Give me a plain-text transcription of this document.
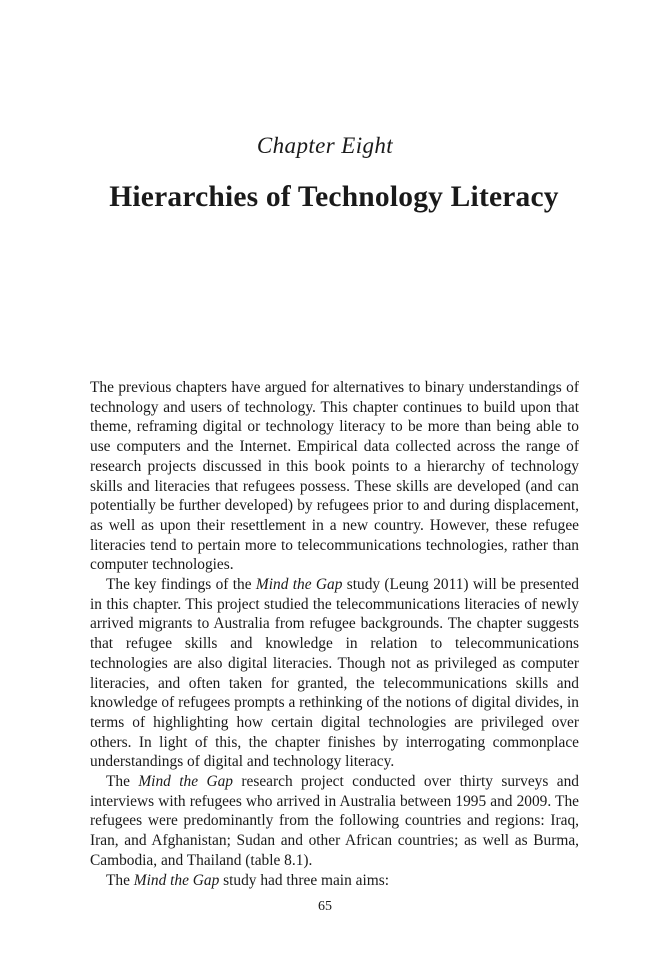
Chapter Eight
Hierarchies of Technology Literacy

The previous chapters have argued for alternatives to binary understandings of technology and users of technology. This chapter continues to build upon that theme, reframing digital or technology literacy to be more than being able to use computers and the Internet. Empirical data collected across the range of research projects discussed in this book points to a hierarchy of technology skills and literacies that refugees possess. These skills are developed (and can potentially be further developed) by refugees prior to and during displacement, as well as upon their resettlement in a new country. However, these refugee literacies tend to pertain more to telecommunications technologies, rather than computer technologies.

The key findings of the Mind the Gap study (Leung 2011) will be presented in this chapter. This project studied the telecommunications literacies of newly arrived migrants to Australia from refugee backgrounds. The chapter suggests that refugee skills and knowledge in relation to telecommunications technologies are also digital literacies. Though not as privileged as computer literacies, and often taken for granted, the telecommunications skills and knowledge of refugees prompts a rethinking of the notions of digital divides, in terms of highlighting how certain digital technologies are privileged over others. In light of this, the chapter finishes by interrogating commonplace understandings of digital and technology literacy.

The Mind the Gap research project conducted over thirty surveys and interviews with refugees who arrived in Australia between 1995 and 2009. The refugees were predominantly from the following countries and regions: Iraq, Iran, and Afghanistan; Sudan and other African countries; as well as Burma, Cambodia, and Thailand (table 8.1).

The Mind the Gap study had three main aims:

65
